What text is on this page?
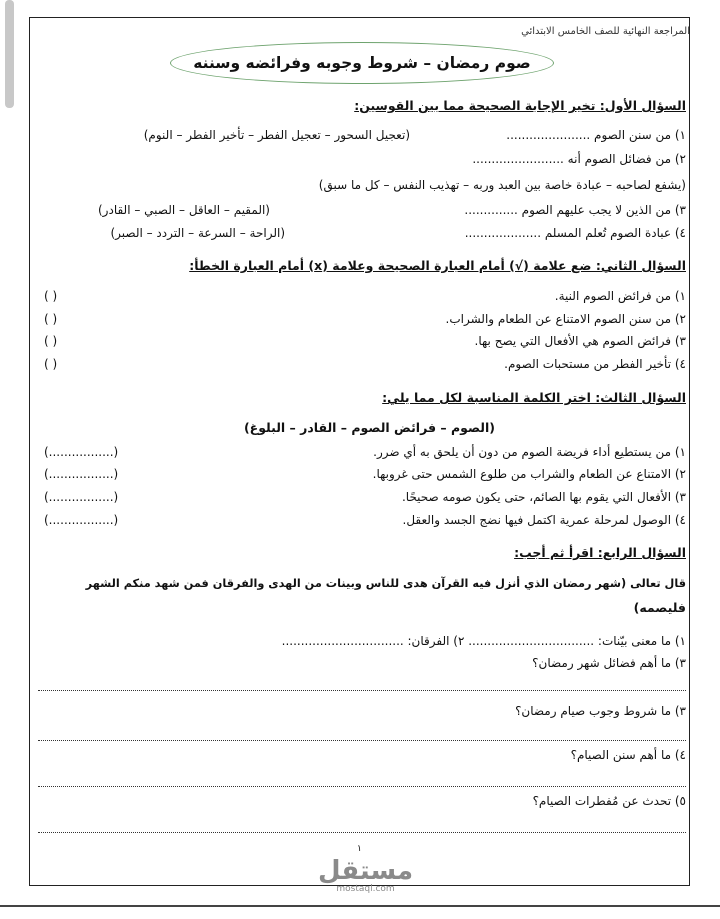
المراجعة النهائية للصف الخامس الابتدائي
صوم رمضان – شروط وجوبه وفرائضه وسننه
السؤال الأول: تخير الإجابة الصحيحة مما بين القوسين:
١) من سنن الصوم ......................
(تعجيل السحور – تعجيل الفطر – تأخير الفطر – النوم)
٢) من فضائل الصوم أنه ........................
(يشفع لصاحبه – عبادة خاصة بين العبد وربه – تهذيب النفس – كل ما سبق)
٣) من الذين لا يجب عليهم الصوم ..............
(المقيم – العاقل – الصبي – القادر)
٤) عبادة الصوم تُعلم المسلم ....................
(الراحة – السرعة – التردد – الصبر)
السؤال الثاني: ضع علامة (√) أمام العبارة الصحيحة وعلامة (x) أمام العبارة الخطأ:
١) من فرائض الصوم النية.
( )
٢) من سنن الصوم الامتناع عن الطعام والشراب.
( )
٣) فرائض الصوم هي الأفعال التي يصح بها.
( )
٤) تأخير الفطر من مستحبات الصوم.
( )
السؤال الثالث: اختر الكلمة المناسبة لكل مما يلي:
(الصوم – فرائض الصوم – القادر – البلوغ)
١) من يستطيع أداء فريضة الصوم من دون أن يلحق به أي ضرر.
(.................)
٢) الامتناع عن الطعام والشراب من طلوع الشمس حتى غروبها.
(.................)
٣) الأفعال التي يقوم بها الصائم، حتى يكون صومه صحيحًا.
(.................)
٤) الوصول لمرحلة عمرية اكتمل فيها نضج الجسد والعقل.
(.................)
السؤال الرابع: اقرأ ثم أجب:
قال تعالى (شهر رمضان الذي أنزل فيه القرآن هدى للناس وبينات من الهدى والفرقان فمن شهد منكم الشهر
فليصمه)
١) ما معنى بيّنات: ................................. ٢) الفرقان: ................................
٣) ما أهم فضائل شهر رمضان؟
٣) ما شروط وجوب صيام رمضان؟
٤) ما أهم سنن الصيام؟
٥) تحدث عن مُفطرات الصيام؟
١
مستقل
mostaql.com
